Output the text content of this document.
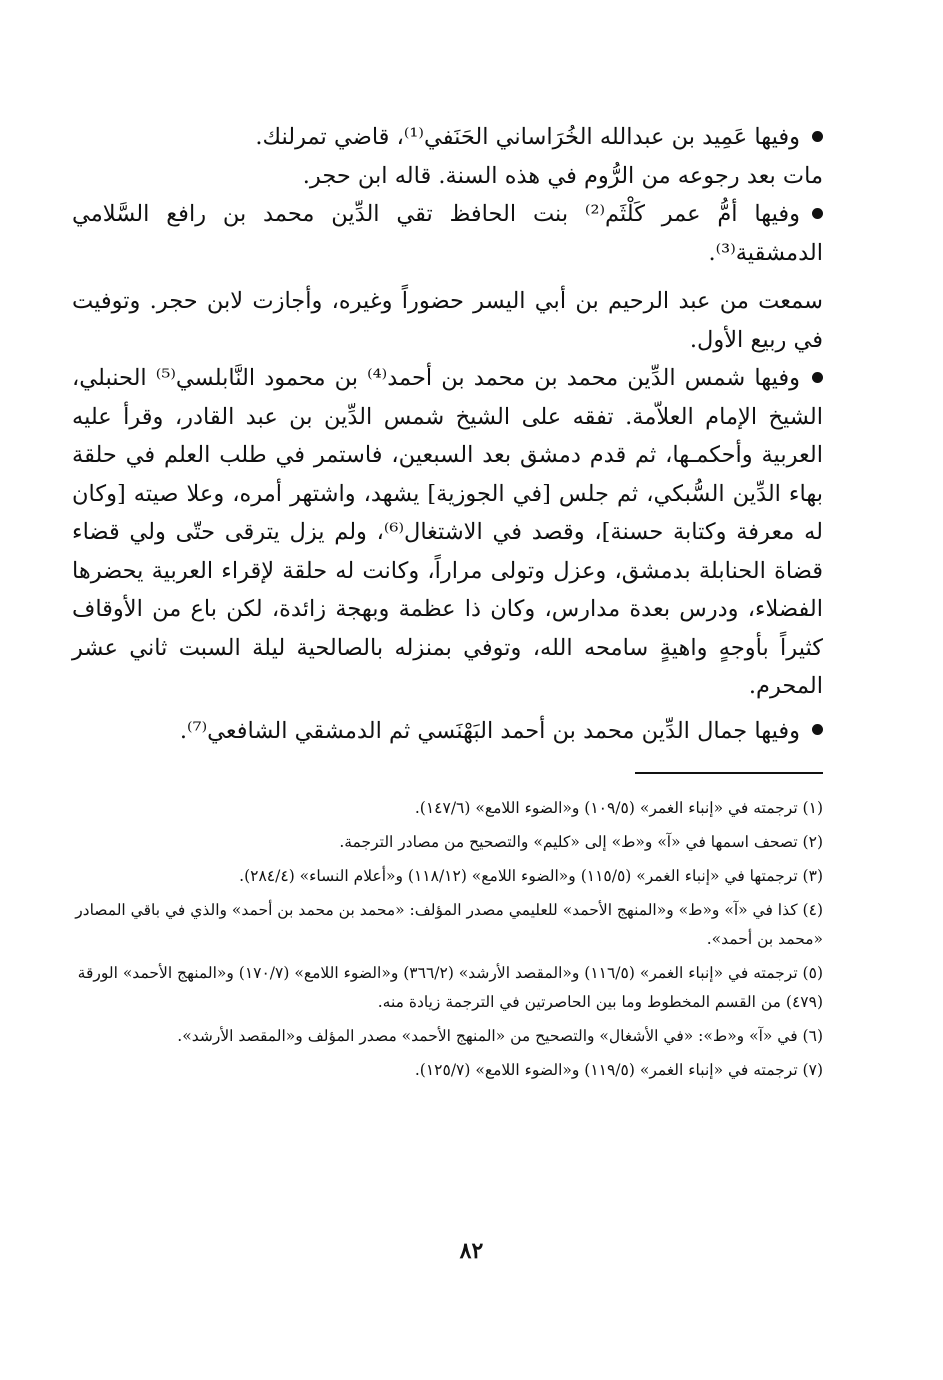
وفيها عَمِيد بن عبدالله الخُرَاساني الحَنَفي⁽¹⁾، قاضي تمرلنك.

مات بعد رجوعه من الرُّوم في هذه السنة. قاله ابن حجر.

وفيها أمُّ عمر كَلْثَم⁽²⁾ بنت الحافظ تقي الدِّين محمد بن رافع السَّلامي الدمشقية⁽³⁾.

سمعت من عبد الرحيم بن أبي اليسر حضوراً وغيره، وأجازت لابن حجر. وتوفيت في ربيع الأول.

وفيها شمس الدِّين محمد بن محمد بن أحمد⁽⁴⁾ بن محمود النَّابلسي⁽⁵⁾ الحنبلي، الشيخ الإمام العلاّمة. تفقه على الشيخ شمس الدِّين بن عبد القادر، وقرأ عليه العربية وأحكمـها، ثم قدم دمشق بعد السبعين، فاستمر في طلب العلم في حلقة بهاء الدِّين السُّبكي، ثم جلس [في الجوزية] يشهد، واشتهر أمره، وعلا صيته [وكان له معرفة وكتابة حسنة]، وقصد في الاشتغال⁽⁶⁾، ولم يزل يترقى حتّى ولي قضاء قضاة الحنابلة بدمشق، وعزل وتولى مراراً، وكانت له حلقة لإقراء العربية يحضرها الفضلاء، ودرس بعدة مدارس، وكان ذا عظمة وبهجة زائدة، لكن باع من الأوقاف كثيراً بأوجهٍ واهيةٍ سامحه الله، وتوفي بمنزله بالصالحية ليلة السبت ثاني عشر المحرم.

وفيها جمال الدِّين محمد بن أحمد البَهْنَسي ثم الدمشقي الشافعي⁽⁷⁾.

(١) ترجمته في «إنباء الغمر» (١٠٩/٥) و«الضوء اللامع» (١٤٧/٦).

(٢) تصحف اسمها في «آ» و«ط» إلى «كليم» والتصحيح من مصادر الترجمة.

(٣) ترجمتها في «إنباء الغمر» (١١٥/٥) و«الضوء اللامع» (١١٨/١٢) و«أعلام النساء» (٢٨٤/٤).

(٤) كذا في «آ» و«ط» و«المنهج الأحمد» للعليمي مصدر المؤلف: «محمد بن محمد بن أحمد» والذي في باقي المصادر «محمد بن أحمد».

(٥) ترجمته في «إنباء الغمر» (١١٦/٥) و«المقصد الأرشد» (٣٦٦/٢) و«الضوء اللامع» (١٧٠/٧) و«المنهج الأحمد» الورقة (٤٧٩) من القسم المخطوط وما بين الحاصرتين في الترجمة زيادة منه.

(٦) في «آ» و«ط»: «في الأشغال» والتصحيح من «المنهج الأحمد» مصدر المؤلف و«المقصد الأرشد».

(٧) ترجمته في «إنباء الغمر» (١١٩/٥) و«الضوء اللامع» (١٢٥/٧).

٨٢
